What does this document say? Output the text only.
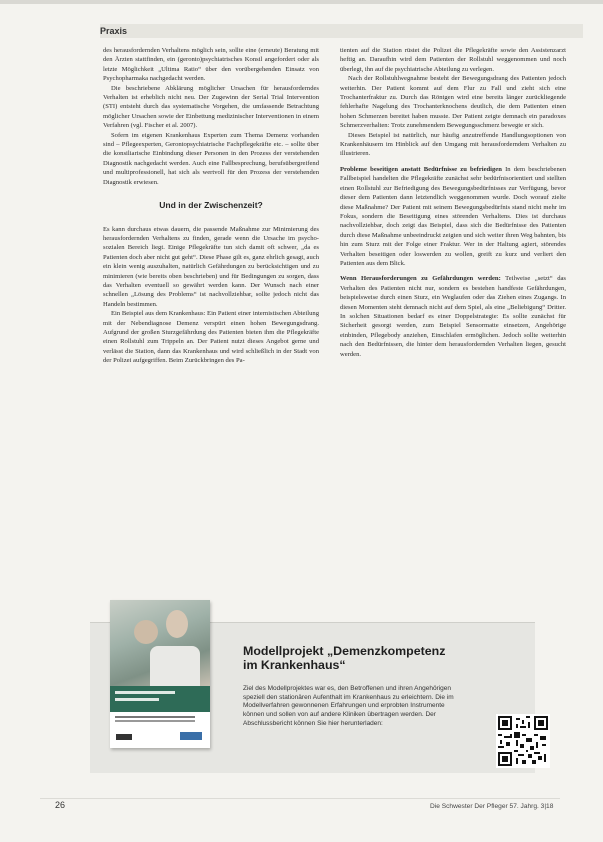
Praxis

des herausfordernden Verhaltens möglich sein, sollte eine (erneute) Beratung mit den Ärzten stattfinden, ein (geronto)psychiatrisches Konsil angefordert oder als letzte Möglichkeit „Ultima Ratio“ über den vorübergehenden Einsatz von Psychopharmaka nachgedacht werden.

Die beschriebene Abklärung möglicher Ursachen für herausforderndes Verhalten ist erheblich nicht neu. Der Zugewinn der Serial Trial Intervention (STI) entsteht durch das systematische Vorgehen, die umfassende Betrachtung möglicher Ursachen sowie der Einbettung medizinischer Interventionen in einem Verfahren (vgl. Fischer et al. 2007).

Sofern im eigenen Krankenhaus Experten zum Thema Demenz vorhanden sind – Pflegeexperten, Gerontopsychiatrische Fachpflegekräfte etc. – sollte über die konsiliarische Einbindung dieser Personen in den Prozess der verstehenden Diagnostik nachgedacht werden. Auch eine Fallbesprechung, berufsübergreifend und multiprofessionell, hat sich als wertvoll für den Prozess der verstehenden Diagnostik erwiesen.

Und in der Zwischenzeit?

Es kann durchaus etwas dauern, die passende Maßnahme zur Minimierung des herausfordernden Verhaltens zu finden, gerade wenn die Ursache im psycho-sozialen Bereich liegt. Einige Pflegekräfte tun sich damit oft schwer, „da es Patienten doch aber nicht gut geht“. Diese Phase gilt es, ganz ehrlich gesagt, auch ein klein wenig auszuhalten, natürlich Gefährdungen zu berücksichtigen und zu minimieren (wie bereits oben beschrieben) und für Bedingungen zu sorgen, dass das Verhalten eventuell so gewährt werden kann. Der Wunsch nach einer schnellen „Lösung des Problems“ ist nachvollziehbar, sollte jedoch nicht das Handeln bestimmen.

Ein Beispiel aus dem Krankenhaus: Ein Patient einer internistischen Abteilung mit der Nebendiagnose Demenz verspürt einen hohen Bewegungsdrang. Aufgrund der großen Sturzgefährdung des Patienten bieten ihm die Pflegekräfte einen Rollstuhl zum Trippeln an. Der Patient nutzt dieses Angebot gerne und verlässt die Station, dann das Krankenhaus und wird schließlich in der Stadt von der Polizei aufgegriffen. Beim Zurückbringen des Pa-

tienten auf die Station rüstet die Polizei die Pflegekräfte sowie den Assistenzarzt heftig an. Daraufhin wird dem Patienten der Rollstuhl weggenommen und noch überlegt, ihn auf die psychiatrische Abteilung zu verlegen.

Nach der Rollstuhlwegnahme besteht der Bewegungsdrang des Patienten jedoch weiterhin. Der Patient kommt auf dem Flur zu Fall und zieht sich eine Trochanterfraktur zu. Durch das Röntgen wird eine bereits länger zurückliegende fehlerhafte Nagelung des Trochanterknochens deutlich, die dem Patienten einen hohen Schmerzen bereitet haben musste. Der Patient zeigte demnach ein paradoxes Schmerzverhalten: Trotz zunehmendem Bewegungsschmerz bewegte er sich.

Dieses Beispiel ist natürlich, nur häufig anzutreffende Handlungsoptionen von Krankenhäusern im Hinblick auf den Umgang mit herausforderndem Verhalten zu illustrieren.

Probleme beseitigen anstatt Bedürfnisse zu befriedigen In dem beschriebenen Fallbeispiel handelten die Pflegekräfte zunächst sehr bedürfnisorientiert und stellten einen Rollstuhl zur Befriedigung des Bewegungsbedürfnisses zur Verfügung, bevor dieser dem Patienten dann letztendlich weggenommen wurde. Doch worauf zielte diese Maßnahme? Der Patient mit seinem Bewegungsbedürfnis stand nicht mehr im Fokus, sondern die Beseitigung eines störenden Verhaltens. Dies ist durchaus nachvollziehbar, doch zeigt das Beispiel, dass sich die Bedürfnisse des Patienten durch diese Maßnahme unbeeindruckt zeigten und sich weiter ihren Weg bahnten, bis hin zum Sturz mit der Folge einer Fraktur. Wer in der Haltung agiert, störendes Verhalten beseitigen oder loswerden zu wollen, greift zu kurz und verliert den Patienten aus dem Blick.

Wenn Herausforderungen zu Gefährdungen werden: Teilweise „setzt“ das Verhalten des Patienten nicht nur, sondern es bestehen handfeste Gefährdungen, beispielsweise durch einen Sturz, ein Weglaufen oder das Ziehen eines Zugangs. In diesen Momenten steht demnach nicht auf dem Spiel, als eine „Beliebigung“ Dritter. In solchen Situationen bedarf es einer Doppelstrategie: Es sollte zunächst für Sicherheit gesorgt werden, zum Beispiel Sensormatte einsetzen, Angehörige einbinden, Pflegebody anziehen, Einschlafen ermöglichen. Jedoch sollte weiterhin nach den Bedürfnissen, die hinter dem herausfordernden Verhalten liegen, gesucht werden.

Modellprojekt „Demenzkompetenz im Krankenhaus“
Ziel des Modellprojektes war es, den Betroffenen und ihren Angehörigen speziell den stationären Aufenthalt im Krankenhaus zu erleichtern. Die im Modellverfahren gewonnenen Erfahrungen und erprobten Instrumente können und sollen von auf andere Kliniken übertragen werden. Der Abschlussbericht können Sie hier herunterladen:
26	Die Schwester Der Pfleger 57. Jahrg. 3|18
